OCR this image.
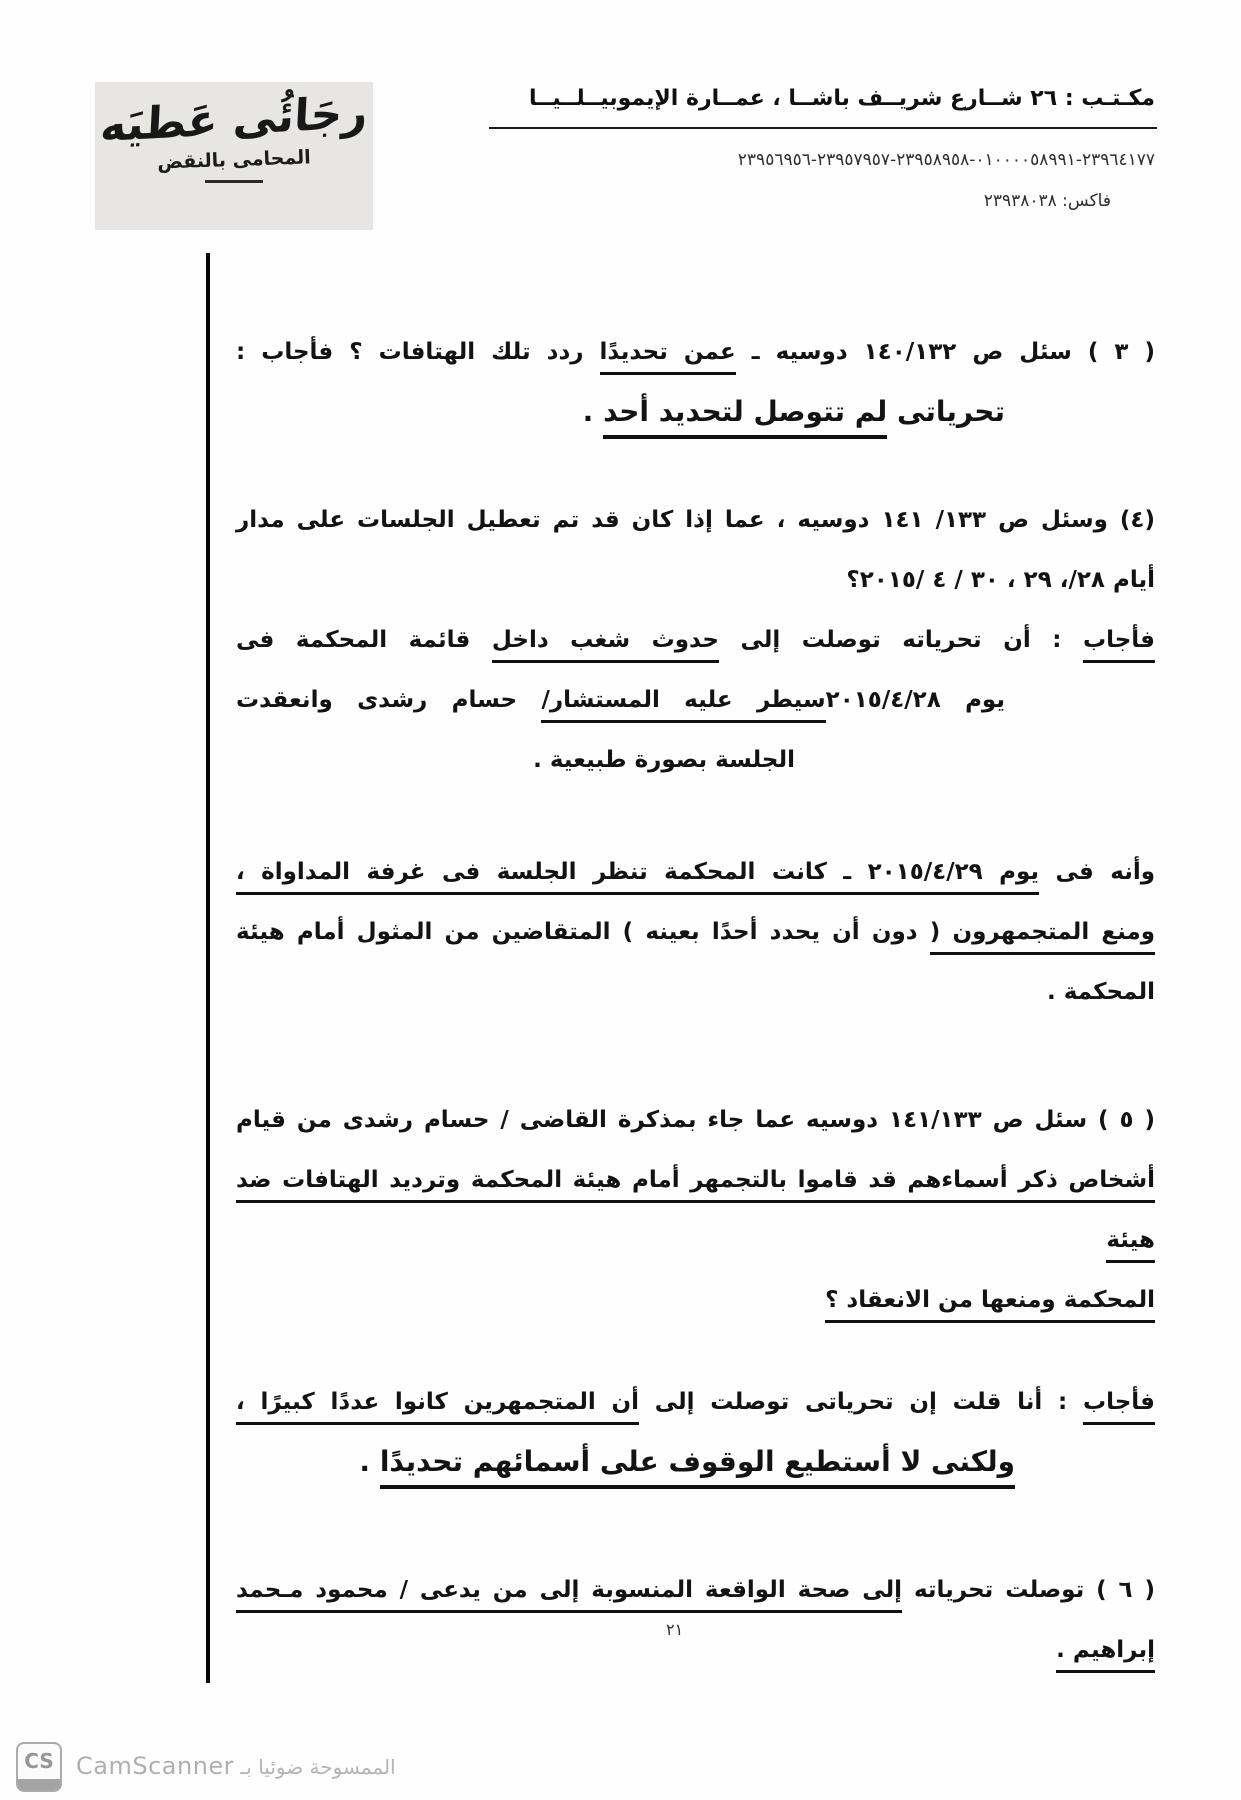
رجَائُى عَطيَه
المحامى بالنقض
مكـتـب : ٢٦ شــارع شريــف باشــا ، عمــارة الإيموبيــلــيــا
٢٣٩٦٤١٧٧-٠١٠٠٠٠٥٨٩٩١-٢٣٩٥٨٩٥٨-٢٣٩٥٧٩٥٧-٢٣٩٥٦٩٥٦
فاكس: ٢٣٩٣٨٠٣٨
( ٣ ) سئل ص ١٤٠/١٣٢ دوسيه ـ عمن تحديدًا ردد تلك الهتافات ؟ فأجاب :
تحرياتى لم تتوصل لتحديد أحد .
(٤) وسئل ص ١٣٣/ ١٤١ دوسيه ، عما إذا كان قد تم تعطيل الجلسات على مدار
أيام ٢٨/، ٢٩ ، ٣٠ / ٤ /٢٠١٥؟
فأجاب : أن تحرياته توصلت إلى حدوث شغب داخل قائمة المحكمة فى
يوم ٢٠١٥/٤/٢٨سيطر عليه المستشار/ حسام رشدى وانعقدت
الجلسة بصورة طبيعية .
وأنه فى يوم ٢٠١٥/٤/٢٩ ـ كانت المحكمة تنظر الجلسة فى غرفة المداواة ،
ومنع المتجمهرون ( دون أن يحدد أحدًا بعينه ) المتقاضين من المثول أمام هيئة
المحكمة .
( ٥ ) سئل ص ١٤١/١٣٣ دوسيه عما جاء بمذكرة القاضى / حسام رشدى من قيام
أشخاص ذكر أسماءهم قد قاموا بالتجمهر أمام هيئة المحكمة وترديد الهتافات ضد هيئة
المحكمة ومنعها من الانعقاد ؟
فأجاب : أنا قلت إن تحرياتى توصلت إلى أن المتجمهرين كانوا عددًا كبيرًا ،
ولكنى لا أستطيع الوقوف على أسمائهم تحديدًا .
( ٦ ) توصلت تحرياته إلى صحة الواقعة المنسوبة إلى من يدعى / محمود مـحمد
إبراهيم .
٢١
CS	الممسوحة ضوئيا بـ CamScanner
